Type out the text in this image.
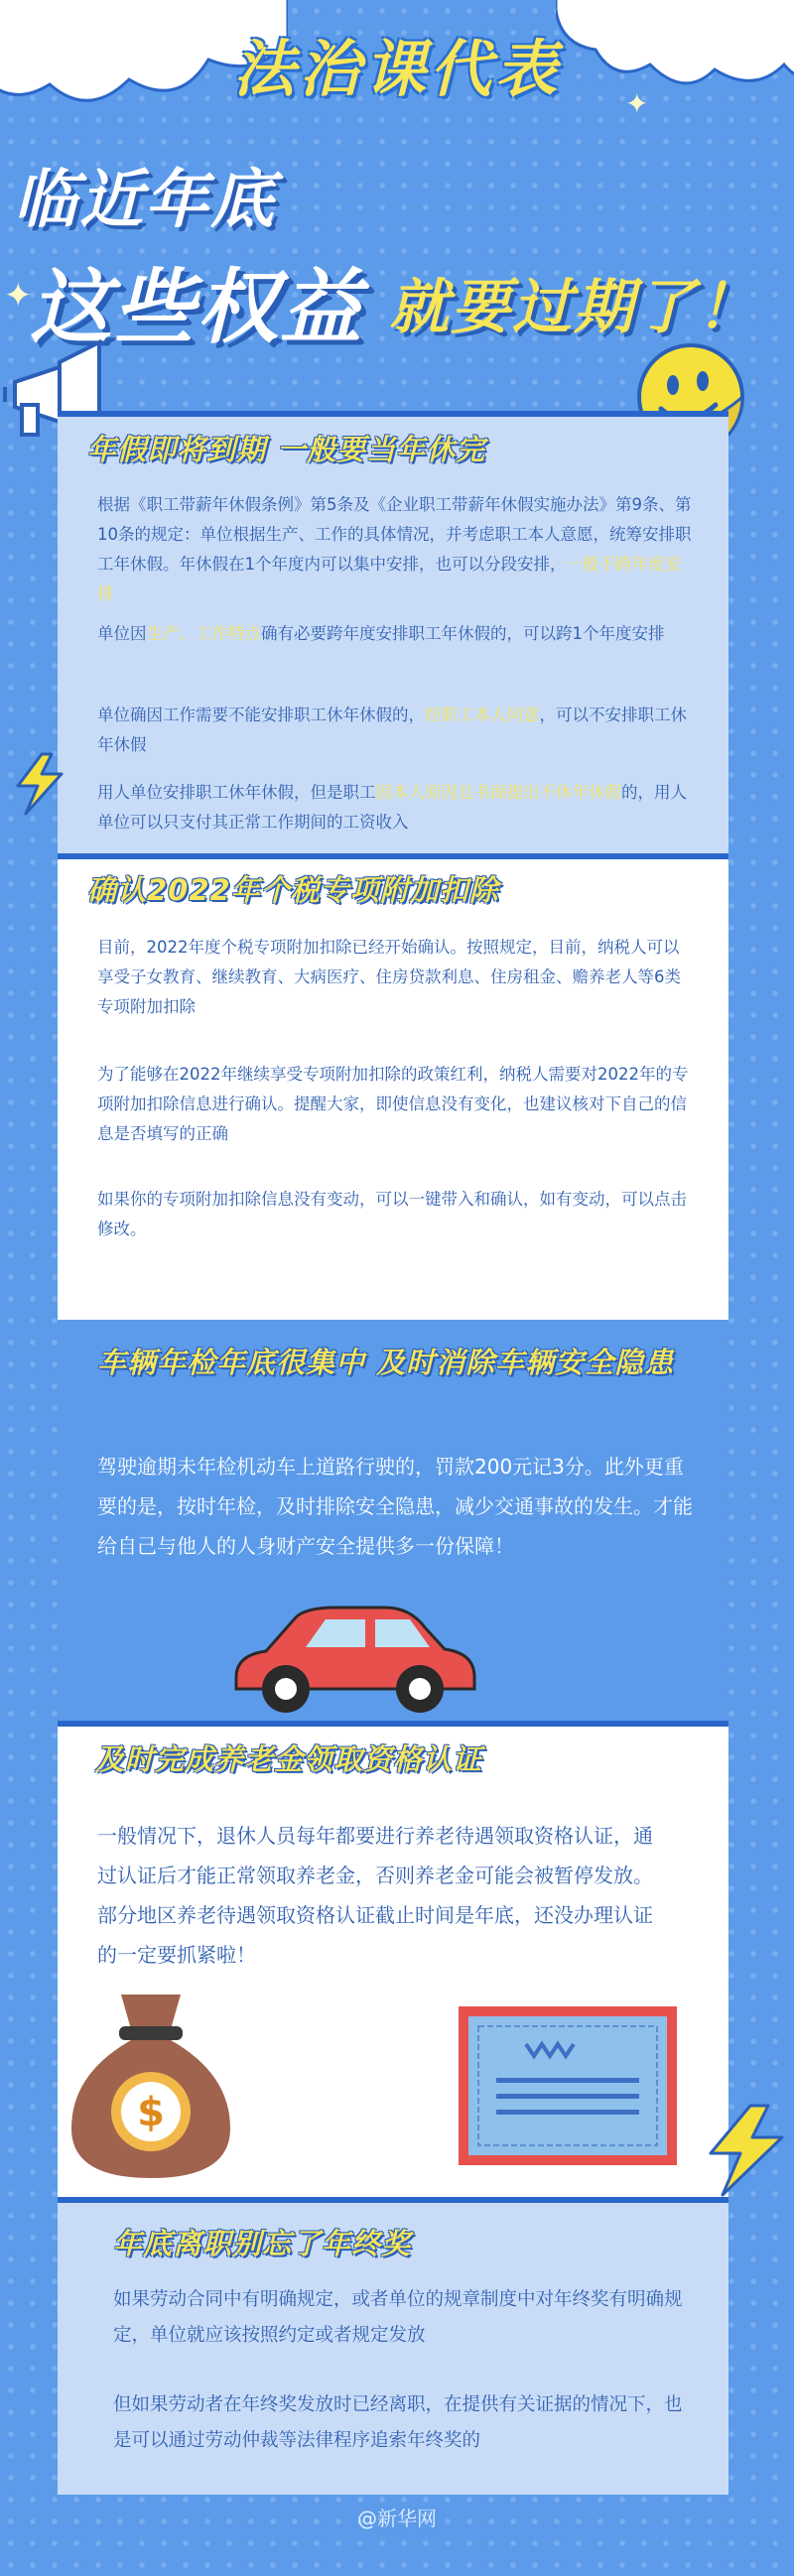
法治课代表	✦
临近年底
✦
这些权益 就要过期了！
年假即将到期 一般要当年休完
根据《职工带薪年休假条例》第5条及《企业职工带薪年休假实施办法》第9条、第10条的规定：单位根据生产、工作的具体情况，并考虑职工本人意愿，统筹安排职工年休假。年休假在1个年度内可以集中安排，也可以分段安排，一般不跨年度安排
单位因生产、工作特点确有必要跨年度安排职工年休假的，可以跨1个年度安排
单位确因工作需要不能安排职工休年休假的，经职工本人同意，可以不安排职工休年休假
用人单位安排职工休年休假，但是职工因本人原因且书面提出不休年休假的，用人单位可以只支付其正常工作期间的工资收入
确认2022年个税专项附加扣除
目前，2022年度个税专项附加扣除已经开始确认。按照规定，目前，纳税人可以享受子女教育、继续教育、大病医疗、住房贷款利息、住房租金、赡养老人等6类专项附加扣除
为了能够在2022年继续享受专项附加扣除的政策红利，纳税人需要对2022年的专项附加扣除信息进行确认。提醒大家，即使信息没有变化，也建议核对下自己的信息是否填写的正确
如果你的专项附加扣除信息没有变动，可以一键带入和确认，如有变动，可以点击修改。
车辆年检年底很集中 及时消除车辆安全隐患
驾驶逾期未年检机动车上道路行驶的，罚款200元记3分。此外更重要的是，按时年检，及时排除安全隐患，减少交通事故的发生。才能给自己与他人的人身财产安全提供多一份保障！
及时完成养老金领取资格认证
一般情况下，退休人员每年都要进行养老待遇领取资格认证，通过认证后才能正常领取养老金，否则养老金可能会被暂停发放。部分地区养老待遇领取资格认证截止时间是年底，还没办理认证的一定要抓紧啦！
$
年底离职别忘了年终奖
如果劳动合同中有明确规定，或者单位的规章制度中对年终奖有明确规定，单位就应该按照约定或者规定发放
但如果劳动者在年终奖发放时已经离职，在提供有关证据的情况下，也是可以通过劳动仲裁等法律程序追索年终奖的
@新华网
